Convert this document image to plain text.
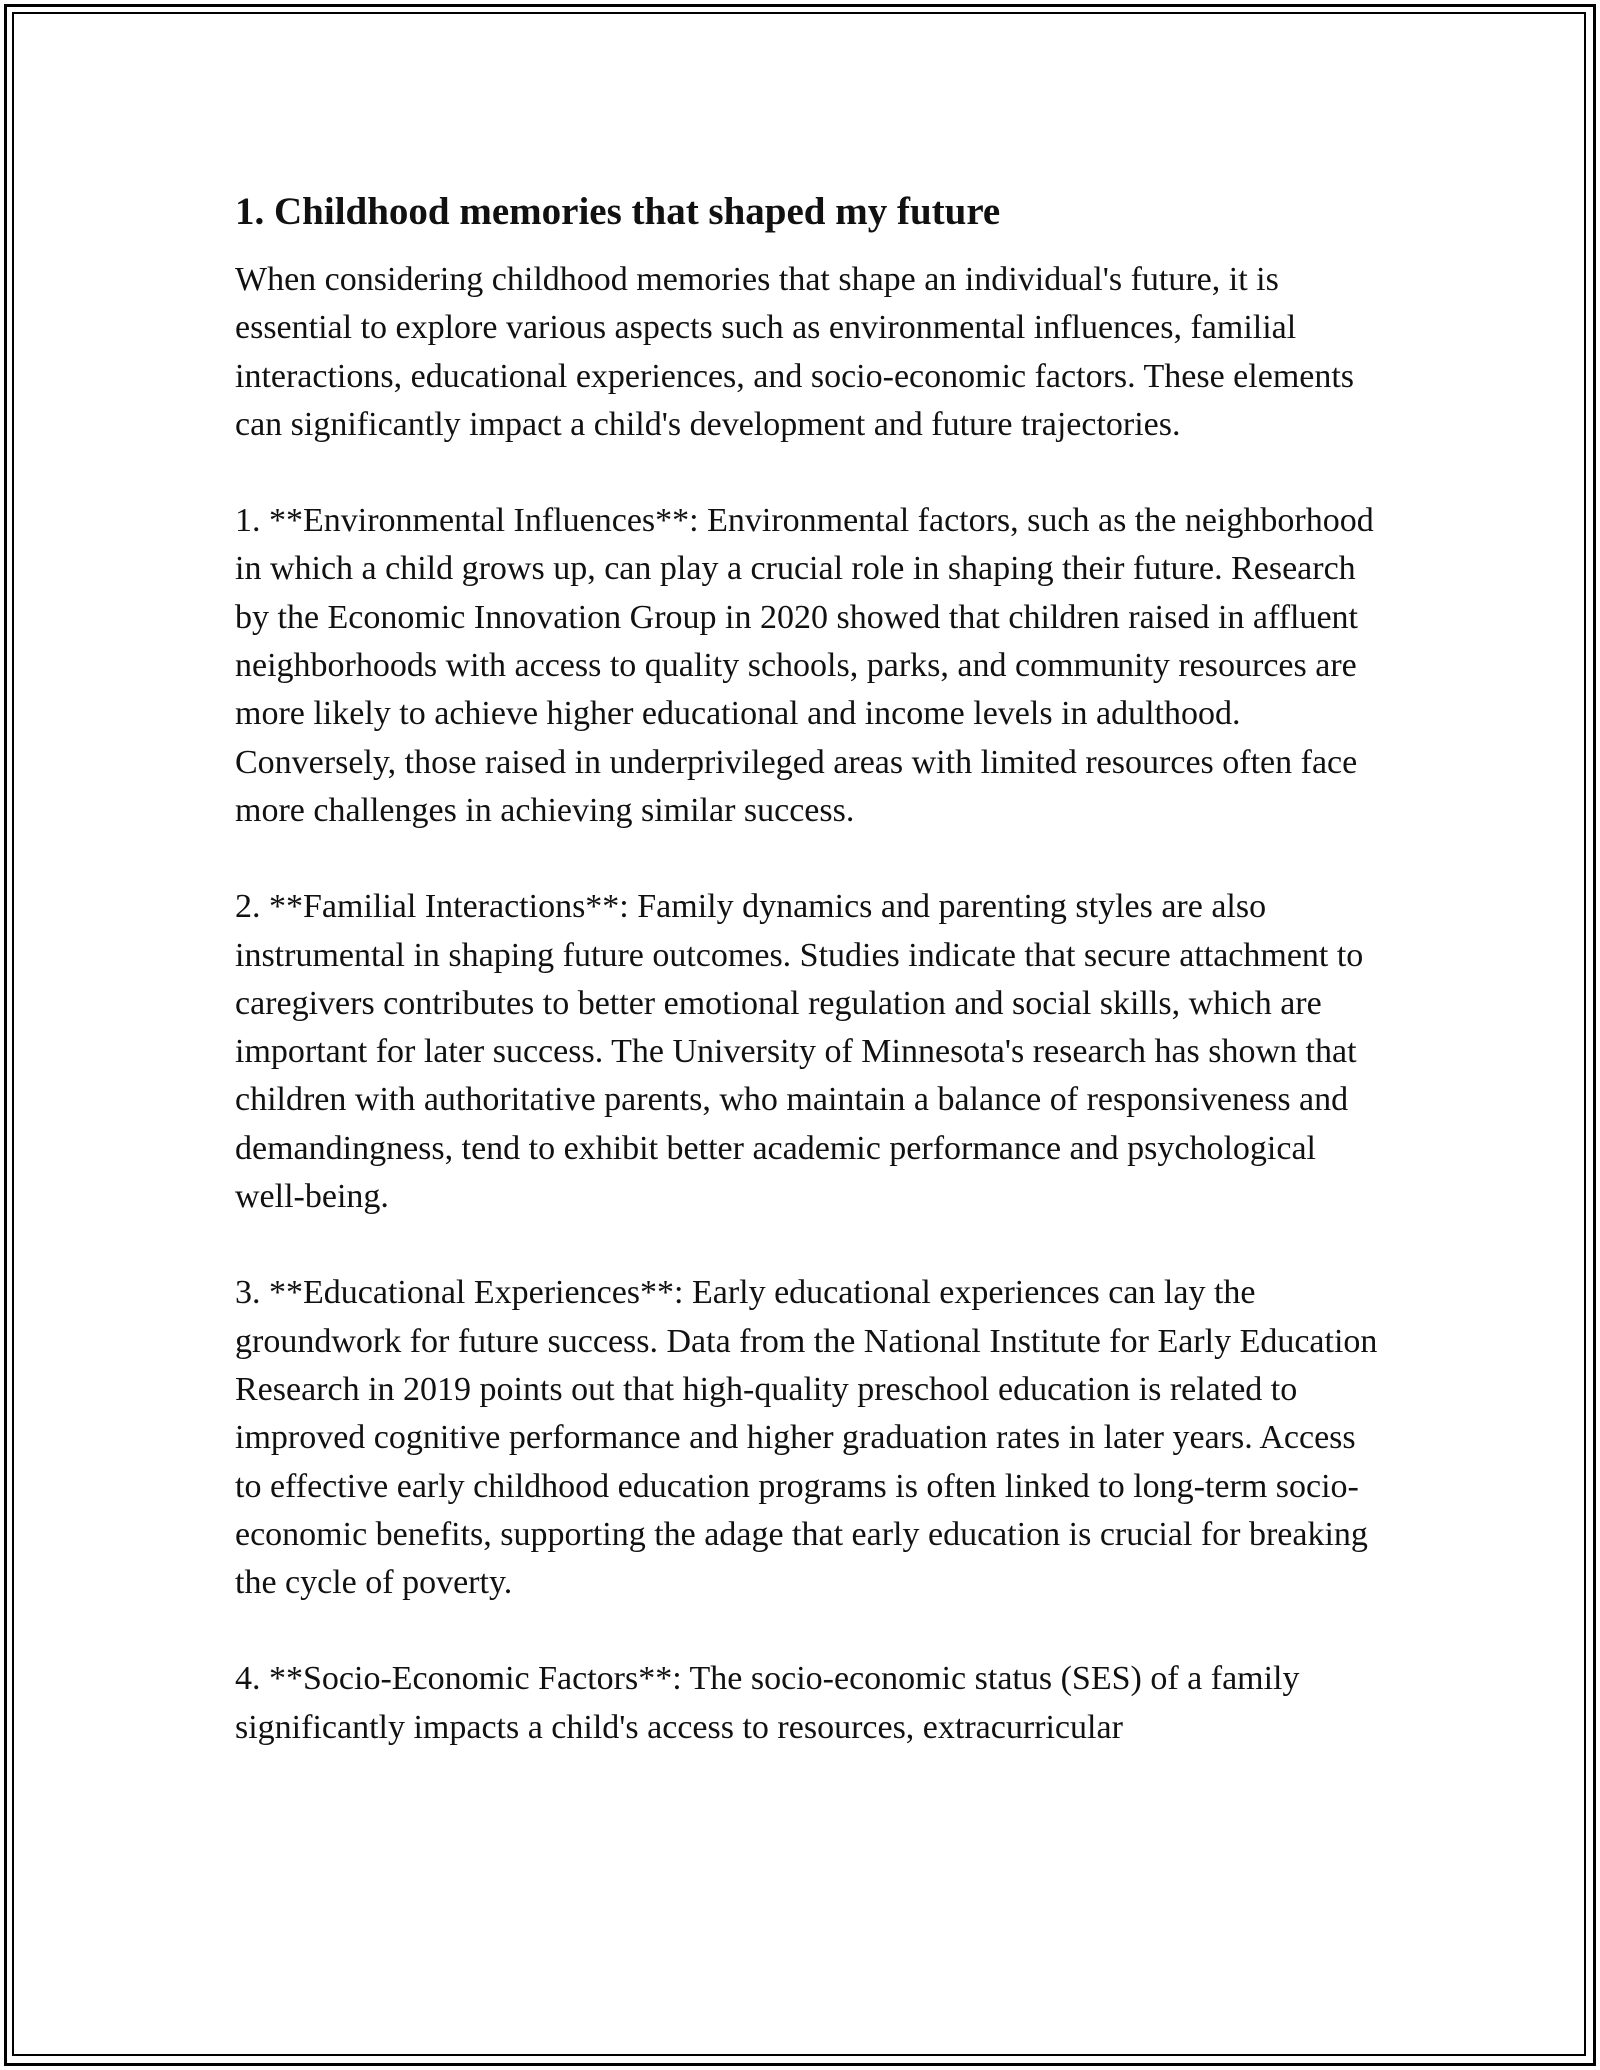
1. Childhood memories that shaped my future

When considering childhood memories that shape an individual's future, it is essential to explore various aspects such as environmental influences, familial interactions, educational experiences, and socio-economic factors. These elements can significantly impact a child's development and future trajectories.

1. **Environmental Influences**: Environmental factors, such as the neighborhood in which a child grows up, can play a crucial role in shaping their future. Research by the Economic Innovation Group in 2020 showed that children raised in affluent neighborhoods with access to quality schools, parks, and community resources are more likely to achieve higher educational and income levels in adulthood. Conversely, those raised in underprivileged areas with limited resources often face more challenges in achieving similar success.

2. **Familial Interactions**: Family dynamics and parenting styles are also instrumental in shaping future outcomes. Studies indicate that secure attachment to caregivers contributes to better emotional regulation and social skills, which are important for later success. The University of Minnesota's research has shown that children with authoritative parents, who maintain a balance of responsiveness and demandingness, tend to exhibit better academic performance and psychological well-being.

3. **Educational Experiences**: Early educational experiences can lay the groundwork for future success. Data from the National Institute for Early Education Research in 2019 points out that high-quality preschool education is related to improved cognitive performance and higher graduation rates in later years. Access to effective early childhood education programs is often linked to long-term socio-economic benefits, supporting the adage that early education is crucial for breaking the cycle of poverty.

4. **Socio-Economic Factors**: The socio-economic status (SES) of a family significantly impacts a child's access to resources, extracurricular
